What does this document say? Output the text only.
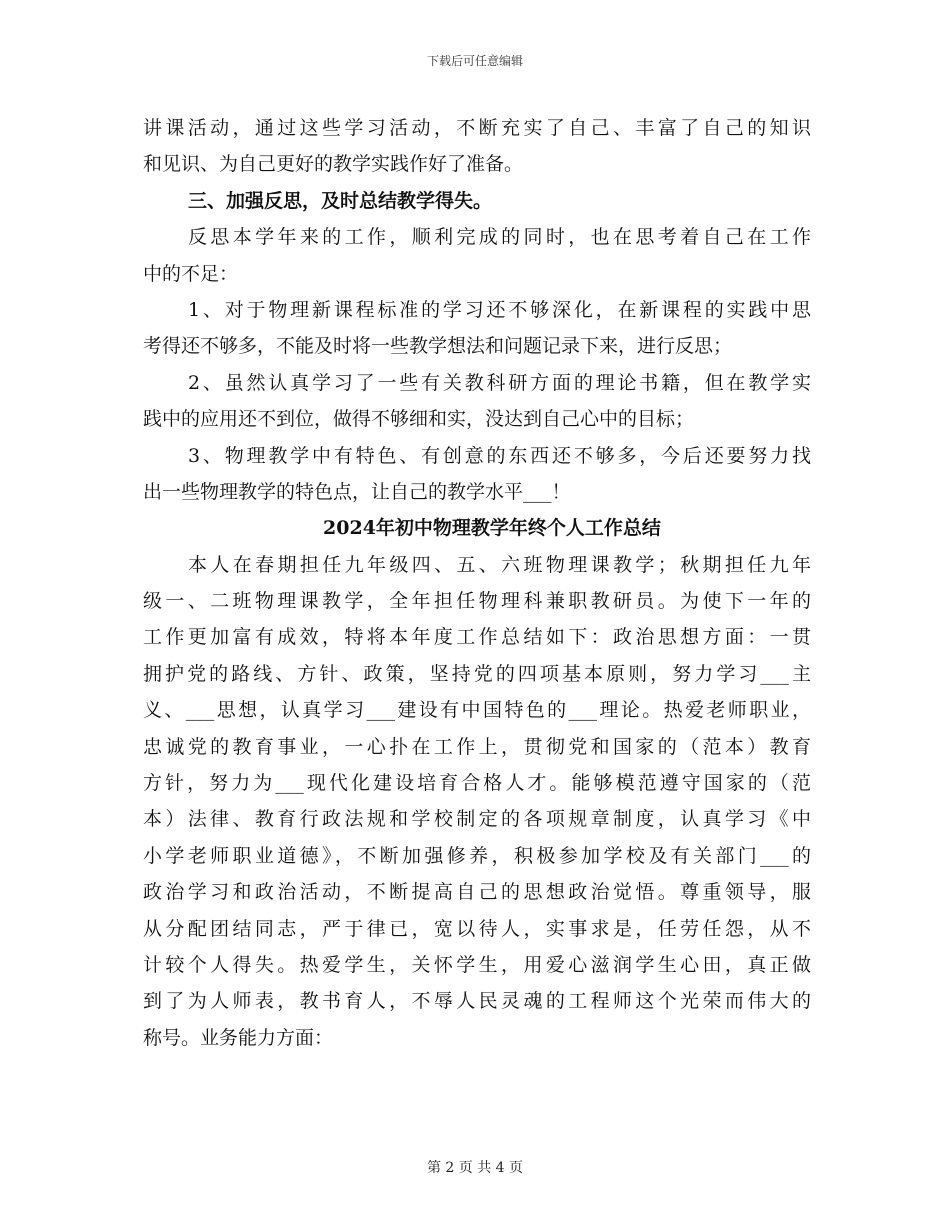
下载后可任意编辑
讲课活动，通过这些学习活动，不断充实了自己、丰富了自己的知识
和见识、为自己更好的教学实践作好了准备。
三、加强反思，及时总结教学得失。
反思本学年来的工作，顺利完成的同时，也在思考着自己在工作
中的不足：
1、对于物理新课程标准的学习还不够深化，在新课程的实践中思
考得还不够多，不能及时将一些教学想法和问题记录下来，进行反思；
2、虽然认真学习了一些有关教科研方面的理论书籍，但在教学实
践中的应用还不到位，做得不够细和实，没达到自己心中的目标；
3、物理教学中有特色、有创意的东西还不够多，今后还要努力找
出一些物理教学的特色点，让自己的教学水平___！
2024年初中物理教学年终个人工作总结
本人在春期担任九年级四、五、六班物理课教学；秋期担任九年
级一、二班物理课教学，全年担任物理科兼职教研员。为使下一年的
工作更加富有成效，特将本年度工作总结如下：政治思想方面：一贯
拥护党的路线、方针、政策，坚持党的四项基本原则，努力学习___主
义、___思想，认真学习___建设有中国特色的___理论。热爱老师职业，
忠诚党的教育事业，一心扑在工作上，贯彻党和国家的（范本）教育
方针，努力为___现代化建设培育合格人才。能够模范遵守国家的（范
本）法律、教育行政法规和学校制定的各项规章制度，认真学习《中
小学老师职业道德》，不断加强修养，积极参加学校及有关部门___的
政治学习和政治活动，不断提高自己的思想政治觉悟。尊重领导，服
从分配团结同志，严于律已，宽以待人，实事求是，任劳任怨，从不
计较个人得失。热爱学生，关怀学生，用爱心滋润学生心田，真正做
到了为人师表，教书育人，不辱人民灵魂的工程师这个光荣而伟大的
称号。业务能力方面：
第 2 页 共 4 页
